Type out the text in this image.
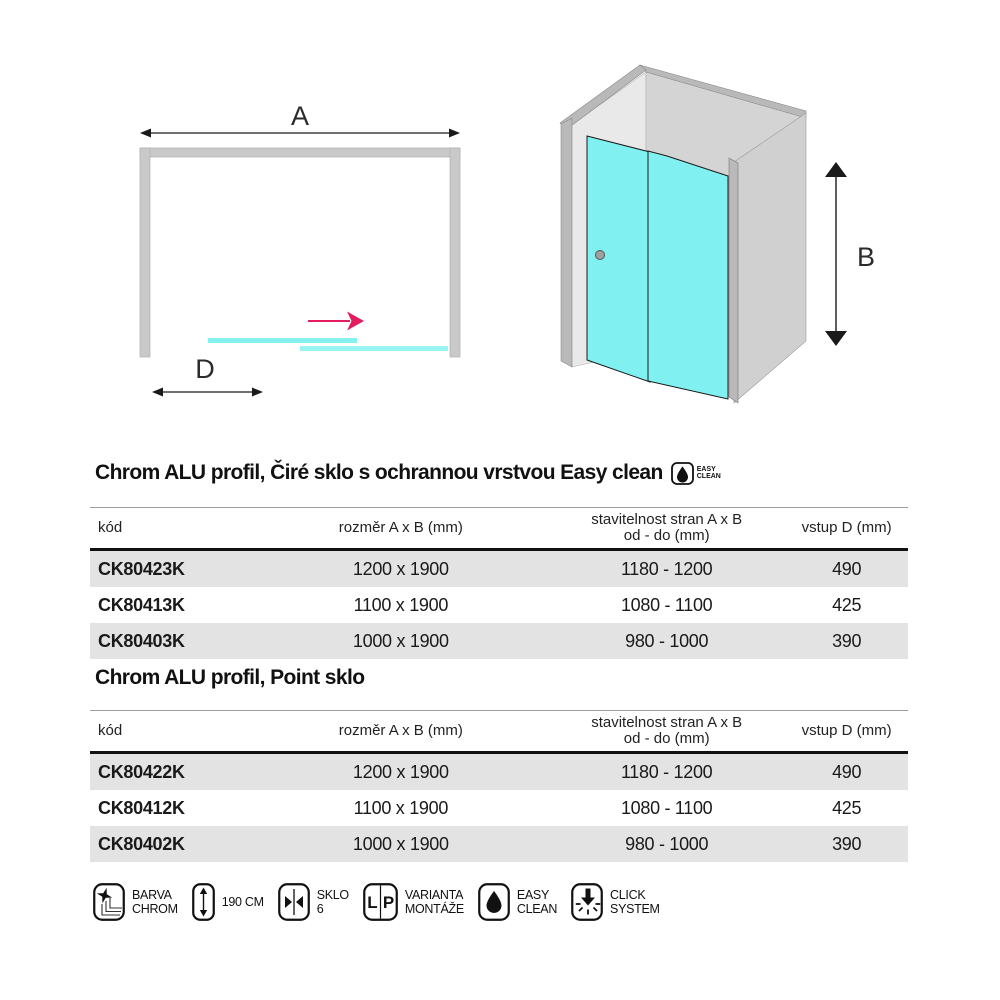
A
D
B
Chrom ALU profil, Čiré sklo s ochrannou vrstvou Easy clean	EASY
CLEAN
kód	rozměr A x B (mm)	stavitelnost stran A x B
od - do (mm)	vstup D (mm)
CK80423K	1200 x 1900	1180 - 1200	490
CK80413K	1100 x 1900	1080 - 1100	425
CK80403K	1000 x 1900	980 - 1000	390
Chrom ALU profil, Point sklo
kód	rozměr A x B (mm)	stavitelnost stran A x B
od - do (mm)	vstup D (mm)
CK80422K	1200 x 1900	1180 - 1200	490
CK80412K	1100 x 1900	1080 - 1100	425
CK80402K	1000 x 1900	980 - 1000	390
BARVA
CHROM	190 CM	SKLO
6	L P VARIANTA
MONTÁŽE
EASY
CLEAN
CLICK
SYSTEM
